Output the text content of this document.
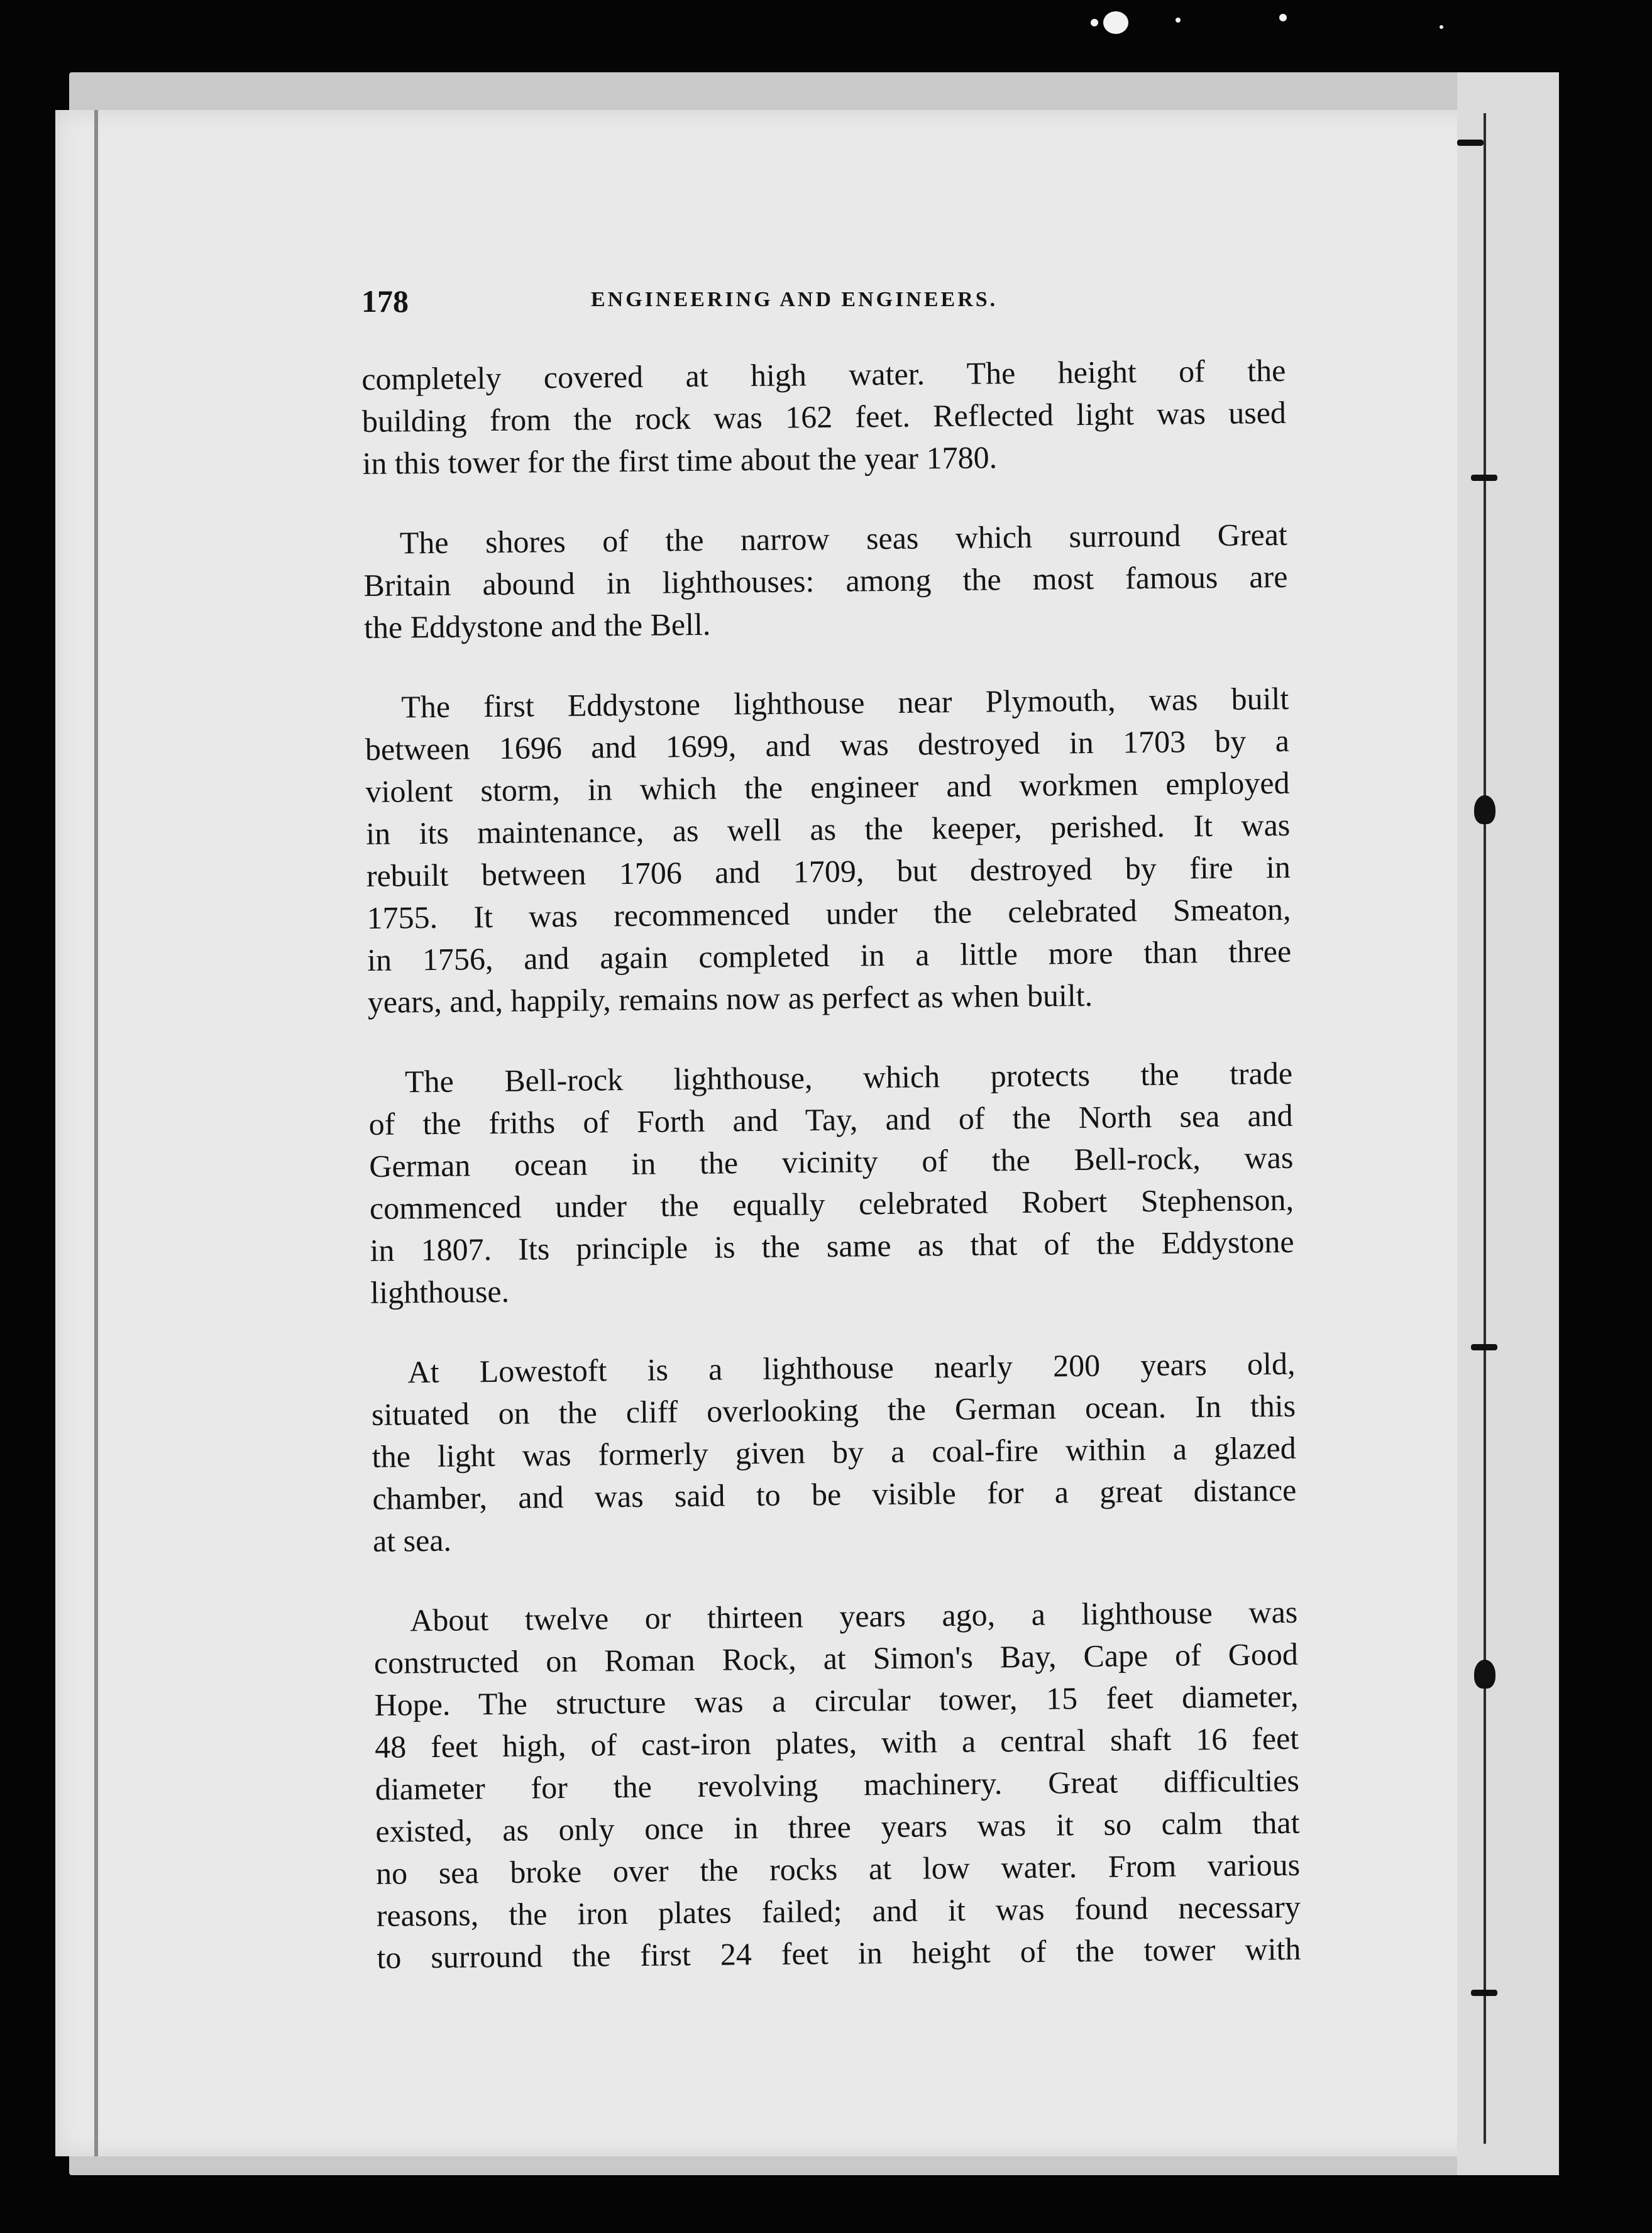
178	ENGINEERING AND ENGINEERS.
completely covered at high water. The height of the
building from the rock was 162 feet. Reflected light was used
in this tower for the first time about the year 1780.
The shores of the narrow seas which surround Great
Britain abound in lighthouses: among the most famous are
the Eddystone and the Bell.
The first Eddystone lighthouse near Plymouth, was built
between 1696 and 1699, and was destroyed in 1703 by a
violent storm, in which the engineer and workmen employed
in its maintenance, as well as the keeper, perished. It was
rebuilt between 1706 and 1709, but destroyed by fire in
1755. It was recommenced under the celebrated Smeaton,
in 1756, and again completed in a little more than three
years, and, happily, remains now as perfect as when built.
The Bell-rock lighthouse, which protects the trade
of the friths of Forth and Tay, and of the North sea and
German ocean in the vicinity of the Bell-rock, was
commenced under the equally celebrated Robert Stephenson,
in 1807. Its principle is the same as that of the Eddystone
lighthouse.
At Lowestoft is a lighthouse nearly 200 years old,
situated on the cliff overlooking the German ocean. In this
the light was formerly given by a coal-fire within a glazed
chamber, and was said to be visible for a great distance
at sea.
About twelve or thirteen years ago, a lighthouse was
constructed on Roman Rock, at Simon's Bay, Cape of Good
Hope. The structure was a circular tower, 15 feet diameter,
48 feet high, of cast-iron plates, with a central shaft 16 feet
diameter for the revolving machinery. Great difficulties
existed, as only once in three years was it so calm that
no sea broke over the rocks at low water. From various
reasons, the iron plates failed; and it was found necessary
to surround the first 24 feet in height of the tower with
